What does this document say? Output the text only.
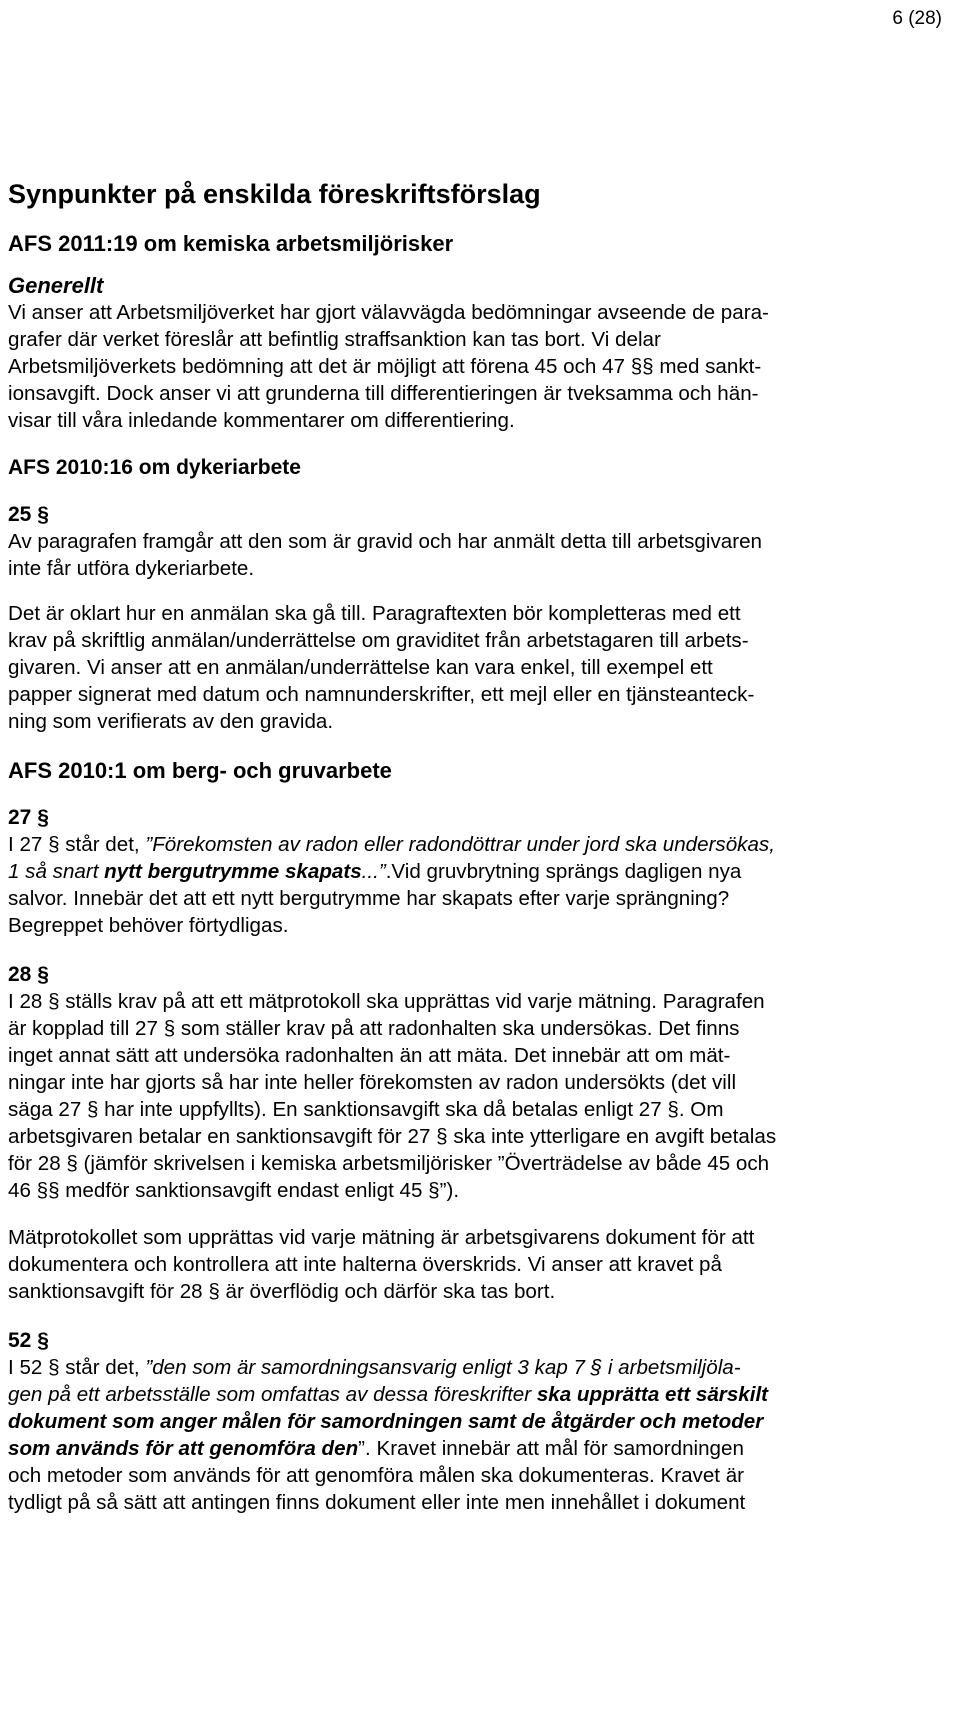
6 (28)
Synpunkter på enskilda föreskriftsförslag
AFS 2011:19 om kemiska arbetsmiljörisker
Generellt

Vi anser att Arbetsmiljöverket har gjort välavvägda bedömningar avseende de para-

grafer där verket föreslår att befintlig straffsanktion kan tas bort. Vi delar

Arbetsmiljöverkets bedömning att det är möjligt att förena 45 och 47 §§ med sankt-

ionsavgift. Dock anser vi att grunderna till differentieringen är tveksamma och hän-

visar till våra inledande kommentarer om differentiering.

AFS 2010:16 om dykeriarbete
25 §

Av paragrafen framgår att den som är gravid och har anmält detta till arbetsgivaren

inte får utföra dykeriarbete.

Det är oklart hur en anmälan ska gå till. Paragraftexten bör kompletteras med ett

krav på skriftlig anmälan/underrättelse om graviditet från arbetstagaren till arbets-

givaren. Vi anser att en anmälan/underrättelse kan vara enkel, till exempel ett

papper signerat med datum och namnunderskrifter, ett mejl eller en tjänsteanteck-

ning som verifierats av den gravida.

AFS 2010:1 om berg- och gruvarbete
27 §

I 27 § står det, ”Förekomsten av radon eller radondöttrar under jord ska undersökas,

1 så snart nytt bergutrymme skapats...”.Vid gruvbrytning sprängs dagligen nya

salvor. Innebär det att ett nytt bergutrymme har skapats efter varje sprängning?

Begreppet behöver förtydligas.

28 §

I 28 § ställs krav på att ett mätprotokoll ska upprättas vid varje mätning. Paragrafen

är kopplad till 27 § som ställer krav på att radonhalten ska undersökas. Det finns

inget annat sätt att undersöka radonhalten än att mäta. Det innebär att om mät-

ningar inte har gjorts så har inte heller förekomsten av radon undersökts (det vill

säga 27 § har inte uppfyllts). En sanktionsavgift ska då betalas enligt 27 §. Om

arbetsgivaren betalar en sanktionsavgift för 27 § ska inte ytterligare en avgift betalas

för 28 § (jämför skrivelsen i kemiska arbetsmiljörisker ”Överträdelse av både 45 och

46 §§ medför sanktionsavgift endast enligt 45 §”).

Mätprotokollet som upprättas vid varje mätning är arbetsgivarens dokument för att

dokumentera och kontrollera att inte halterna överskrids. Vi anser att kravet på

sanktionsavgift för 28 § är överflödig och därför ska tas bort.

52 §

I 52 § står det, ”den som är samordningsansvarig enligt 3 kap 7 § i arbetsmiljöla-

gen på ett arbetsställe som omfattas av dessa föreskrifter ska upprätta ett särskilt

dokument som anger målen för samordningen samt de åtgärder och metoder

som används för att genomföra den”. Kravet innebär att mål för samordningen

och metoder som används för att genomföra målen ska dokumenteras. Kravet är

tydligt på så sätt att antingen finns dokument eller inte men innehållet i dokument
